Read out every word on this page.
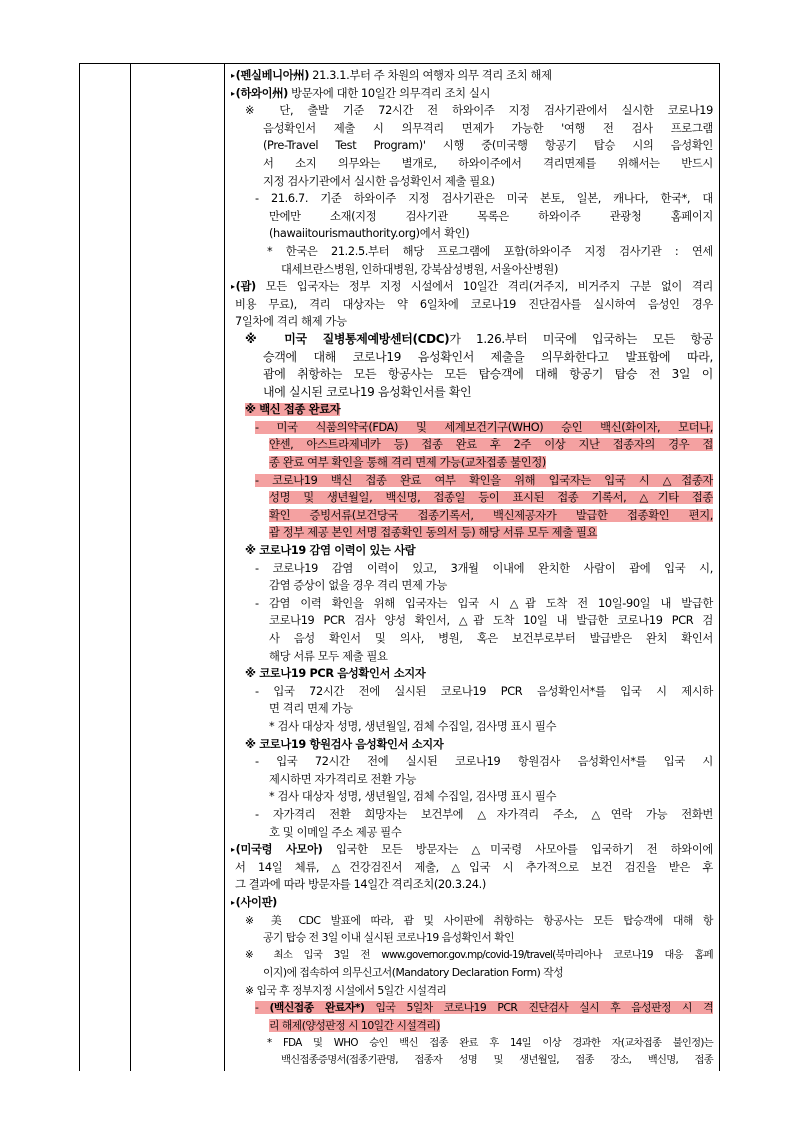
▸(펜실베니아州) 21.3.1.부터 주 차원의 여행자 의무 격리 조치 해제
▸(하와이州) 방문자에 대한 10일간 의무격리 조치 실시
※ 단, 출발 기준 72시간 전 하와이주 지정 검사기관에서 실시한 코로나19
음성확인서 제출 시 의무격리 면제가 가능한 '여행 전 검사 프로그램
(Pre-Travel Test Program)' 시행 중(미국행 항공기 탑승 시의 음성확인
서 소지 의무와는 별개로, 하와이주에서 격리면제를 위해서는 반드시
지정 검사기관에서 실시한 음성확인서 제출 필요)
- 21.6.7. 기준 하와이주 지정 검사기관은 미국 본토, 일본, 캐나다, 한국*, 대
만에만 소재(지정 검사기관 목록은 하와이주 관광청 홈페이지
(hawaiitourismauthority.org)에서 확인)
* 한국은 21.2.5.부터 해당 프로그램에 포함(하와이주 지정 검사기관 : 연세
대세브란스병원, 인하대병원, 강북삼성병원, 서울아산병원)
▸(괌) 모든 입국자는 정부 지정 시설에서 10일간 격리(거주지, 비거주지 구분 없이 격리
비용 무료), 격리 대상자는 약 6일차에 코로나19 진단검사를 실시하여 음성인 경우
7일차에 격리 해제 가능
※ 미국 질병통제예방센터(CDC)가 1.26.부터 미국에 입국하는 모든 항공
승객에 대해 코로나19 음성확인서 제출을 의무화한다고 발표함에 따라,
괌에 취항하는 모든 항공사는 모든 탑승객에 대해 항공기 탑승 전 3일 이
내에 실시된 코로나19 음성확인서를 확인
※ 백신 접종 완료자
- 미국 식품의약국(FDA) 및 세계보건기구(WHO) 승인 백신(화이자, 모더나,
얀센, 아스트라제네카 등) 접종 완료 후 2주 이상 지난 접종자의 경우 접
종 완료 여부 확인을 통해 격리 면제 가능(교차접종 불인정)
- 코로나19 백신 접종 완료 여부 확인을 위해 입국자는 입국 시 △접종자
성명 및 생년월일, 백신명, 접종일 등이 표시된 접종 기록서, △기타 접종
확인 증빙서류(보건당국 접종기록서, 백신제공자가 발급한 접종확인 편지,
괌 정부 제공 본인 서명 접종확인 동의서 등) 해당 서류 모두 제출 필요
※ 코로나19 감염 이력이 있는 사람
- 코로나19 감염 이력이 있고, 3개월 이내에 완치한 사람이 괌에 입국 시,
감염 증상이 없을 경우 격리 면제 가능
- 감염 이력 확인을 위해 입국자는 입국 시 △괌 도착 전 10일-90일 내 발급한
코로나19 PCR 검사 양성 확인서, △괌 도착 10일 내 발급한 코로나19 PCR 검
사 음성 확인서 및 의사, 병원, 혹은 보건부로부터 발급받은 완치 확인서
해당 서류 모두 제출 필요
※ 코로나19 PCR 음성확인서 소지자
- 입국 72시간 전에 실시된 코로나19 PCR 음성확인서*를 입국 시 제시하
면 격리 면제 가능
* 검사 대상자 성명, 생년월일, 검체 수집일, 검사명 표시 필수
※ 코로나19 항원검사 음성확인서 소지자
- 입국 72시간 전에 실시된 코로나19 항원검사 음성확인서*를 입국 시
제시하면 자가격리로 전환 가능
* 검사 대상자 성명, 생년월일, 검체 수집일, 검사명 표시 필수
- 자가격리 전환 희망자는 보건부에 △자가격리 주소, △연락 가능 전화번
호 및 이메일 주소 제공 필수
▸(미국령 사모아) 입국한 모든 방문자는 △미국령 사모아를 입국하기 전 하와이에
서 14일 체류, △건강검진서 제출, △입국 시 추가적으로 보건 검진을 받은 후
그 결과에 따라 방문자를 14일간 격리조치(20.3.24.)
▸(사이판)
※ 美 CDC 발표에 따라, 괌 및 사이판에 취항하는 항공사는 모든 탑승객에 대해 항
공기 탑승 전 3일 이내 실시된 코로나19 음성확인서 확인
※ 최소 입국 3일 전 www.governor.gov.mp/covid-19/travel(북마리아나 코로나19 대응 홈페
이지)에 접속하여 의무신고서(Mandatory Declaration Form) 작성
※ 입국 후 정부지정 시설에서 5일간 시설격리
- (백신접종 완료자*) 입국 5일차 코로나19 PCR 진단검사 실시 후 음성판정 시 격
리 해제(양성판정 시 10일간 시설격리)
* FDA 및 WHO 승인 백신 접종 완료 후 14일 이상 경과한 자(교차접종 불인정)는
백신접종증명서(접종기관명, 접종자 성명 및 생년월일, 접종 장소, 백신명, 접종
